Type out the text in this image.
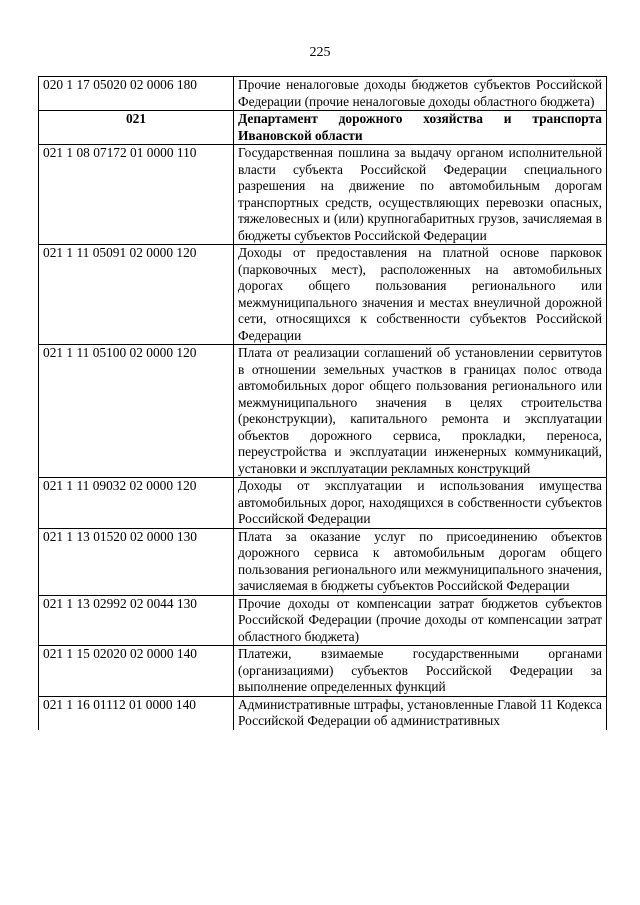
225
020 1 17 05020 02 0006 180	Прочие неналоговые доходы бюджетов субъектов Российской Федерации (прочие неналоговые доходы областного бюджета)
021	Департамент дорожного хозяйства и транспорта Ивановской области
021 1 08 07172 01 0000 110	Государственная пошлина за выдачу органом исполнительной власти субъекта Российской Федерации специального разрешения на движение по автомобильным дорогам транспортных средств, осуществляющих перевозки опасных, тяжеловесных и (или) крупногабаритных грузов, зачисляемая в бюджеты субъектов Российской Федерации
021 1 11 05091 02 0000 120	Доходы от предоставления на платной основе парковок (парковочных мест), расположенных на автомобильных дорогах общего пользования регионального или межмуниципального значения и местах внеуличной дорожной сети, относящихся к собственности субъектов Российской Федерации
021 1 11 05100 02 0000 120	Плата от реализации соглашений об установлении сервитутов в отношении земельных участков в границах полос отвода автомобильных дорог общего пользования регионального или межмуниципального значения в целях строительства (реконструкции), капитального ремонта и эксплуатации объектов дорожного сервиса, прокладки, переноса, переустройства и эксплуатации инженерных коммуникаций, установки и эксплуатации рекламных конструкций
021 1 11 09032 02 0000 120	Доходы от эксплуатации и использования имущества автомобильных дорог, находящихся в собственности субъектов Российской Федерации
021 1 13 01520 02 0000 130	Плата за оказание услуг по присоединению объектов дорожного сервиса к автомобильным дорогам общего пользования регионального или межмуниципального значения, зачисляемая в бюджеты субъектов Российской Федерации
021 1 13 02992 02 0044 130	Прочие доходы от компенсации затрат бюджетов субъектов Российской Федерации (прочие доходы от компенсации затрат областного бюджета)
021 1 15 02020 02 0000 140	Платежи, взимаемые государственными органами (организациями) субъектов Российской Федерации за выполнение определенных функций
021 1 16 01112 01 0000 140	Административные штрафы, установленные Главой 11 Кодекса Российской Федерации об административных
